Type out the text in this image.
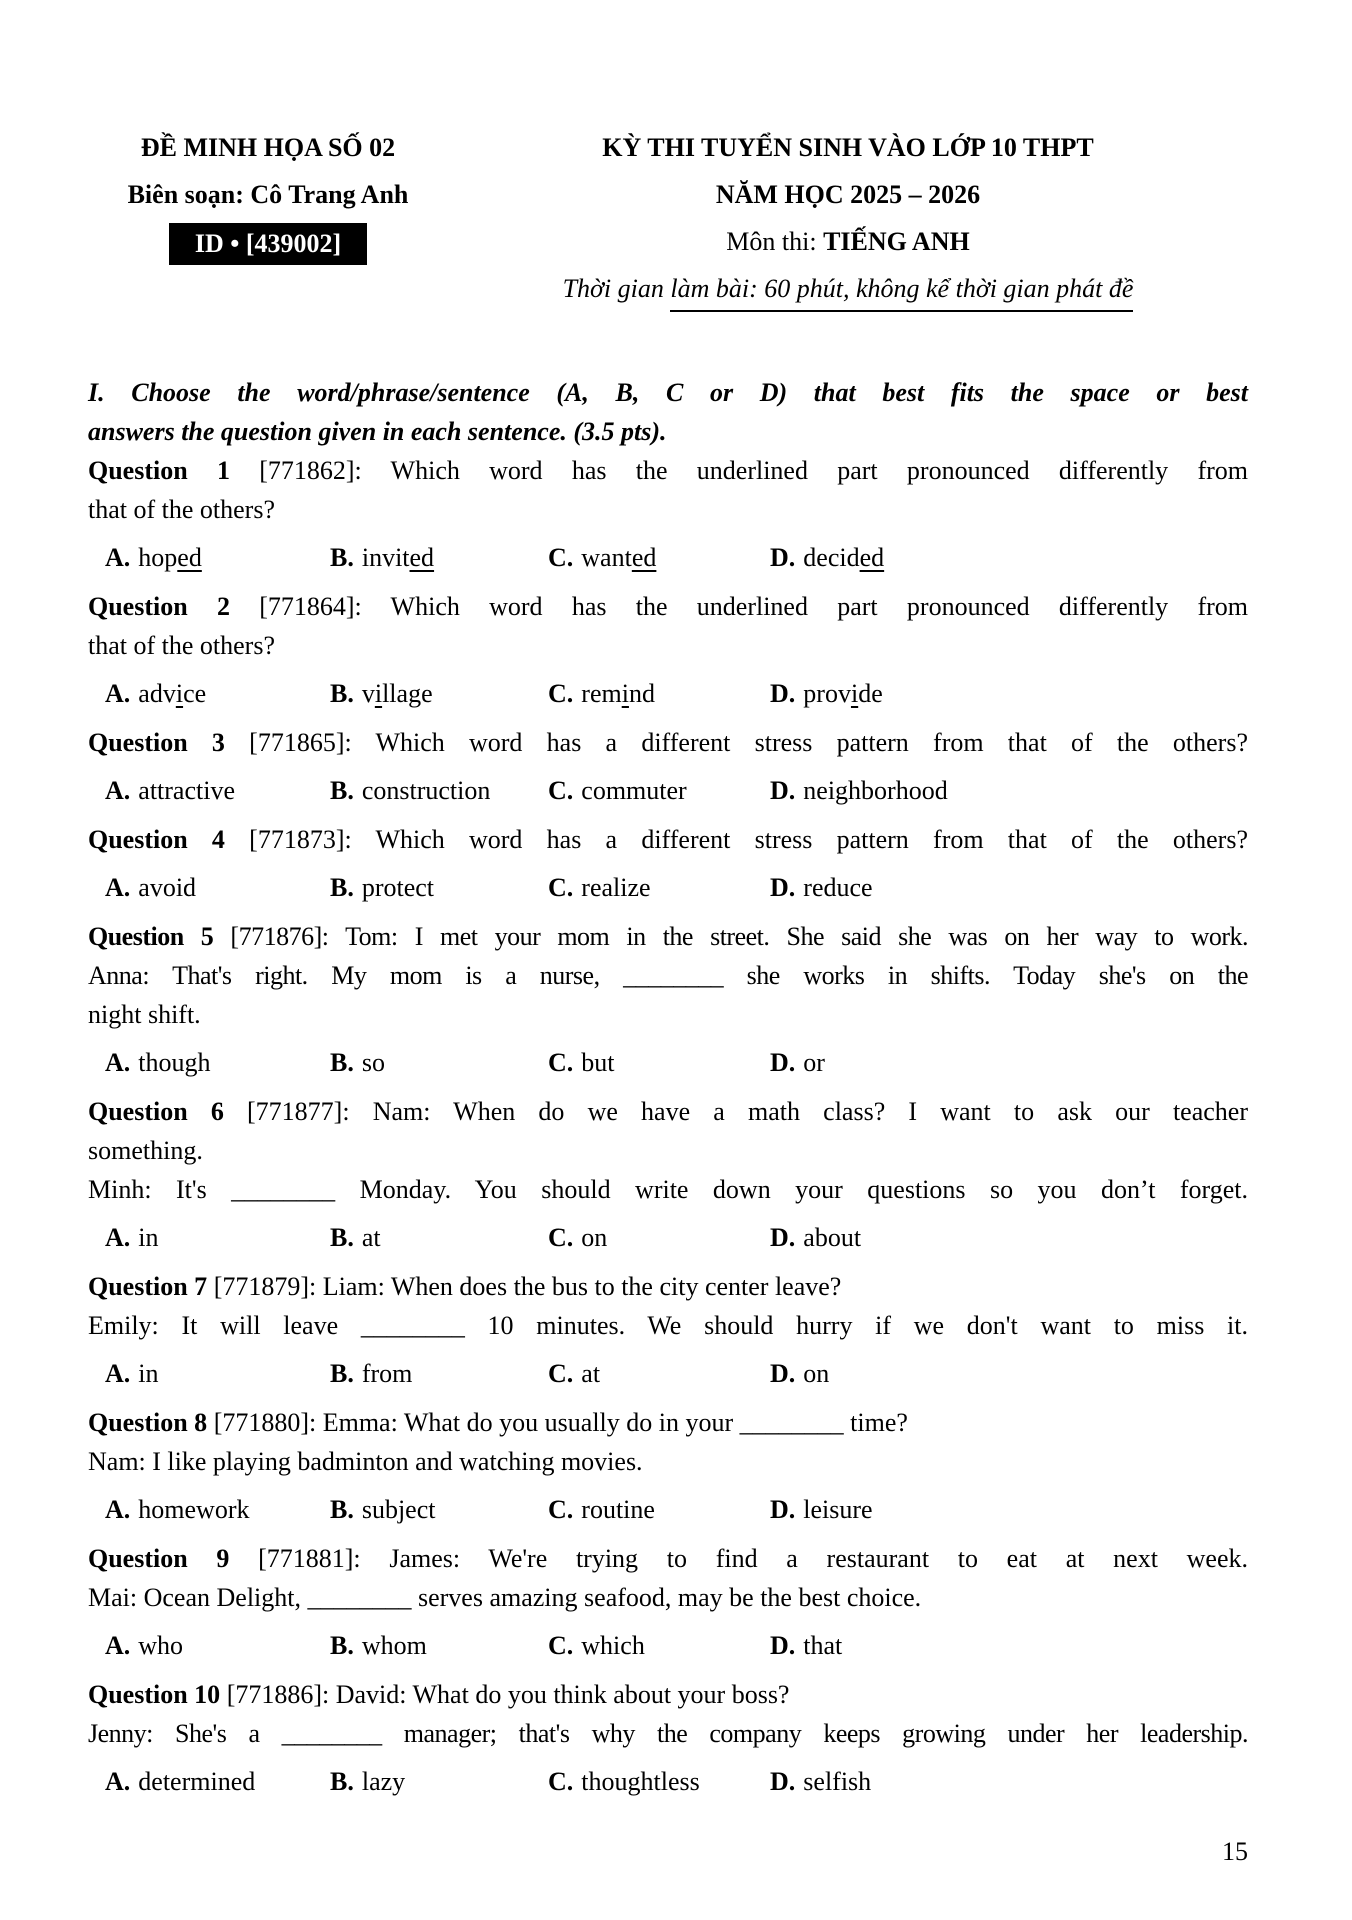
ĐỀ MINH HỌA SỐ 02
Biên soạn: Cô Trang Anh
ID • [439002]
KỲ THI TUYỂN SINH VÀO LỚP 10 THPT
NĂM HỌC 2025 – 2026
Môn thi: TIẾNG ANH
Thời gian làm bài: 60 phút, không kể thời gian phát đề
I. Choose the word/phrase/sentence (A, B, C or D) that best fits the space or best
answers the question given in each sentence. (3.5 pts).
Question 1 [771862]: Which word has the underlined part pronounced differently from
that of the others?
A. hoped	B. invited	C. wanted	D. decided
Question 2 [771864]: Which word has the underlined part pronounced differently from
that of the others?
A. advice	B. village	C. remind	D. provide
Question 3 [771865]: Which word has a different stress pattern from that of the others?
A. attractive	B. construction	C. commuter	D. neighborhood
Question 4 [771873]: Which word has a different stress pattern from that of the others?
A. avoid	B. protect	C. realize	D. reduce
Question 5 [771876]: Tom: I met your mom in the street. She said she was on her way to work.
Anna: That's right. My mom is a nurse, ________ she works in shifts. Today she's on the
night shift.
A. though	B. so	C. but	D. or
Question 6 [771877]: Nam: When do we have a math class? I want to ask our teacher
something.
Minh: It's ________ Monday. You should write down your questions so you don’t forget.
A. in	B. at	C. on	D. about
Question 7 [771879]: Liam: When does the bus to the city center leave?
Emily: It will leave ________ 10 minutes. We should hurry if we don't want to miss it.
A. in	B. from	C. at	D. on
Question 8 [771880]: Emma: What do you usually do in your ________ time?
Nam: I like playing badminton and watching movies.
A. homework	B. subject	C. routine	D. leisure
Question 9 [771881]: James: We're trying to find a restaurant to eat at next week.
Mai: Ocean Delight, ________ serves amazing seafood, may be the best choice.
A. who	B. whom	C. which	D. that
Question 10 [771886]: David: What do you think about your boss?
Jenny: She's a ________ manager; that's why the company keeps growing under her leadership.
A. determined	B. lazy	C. thoughtless	D. selfish
15
